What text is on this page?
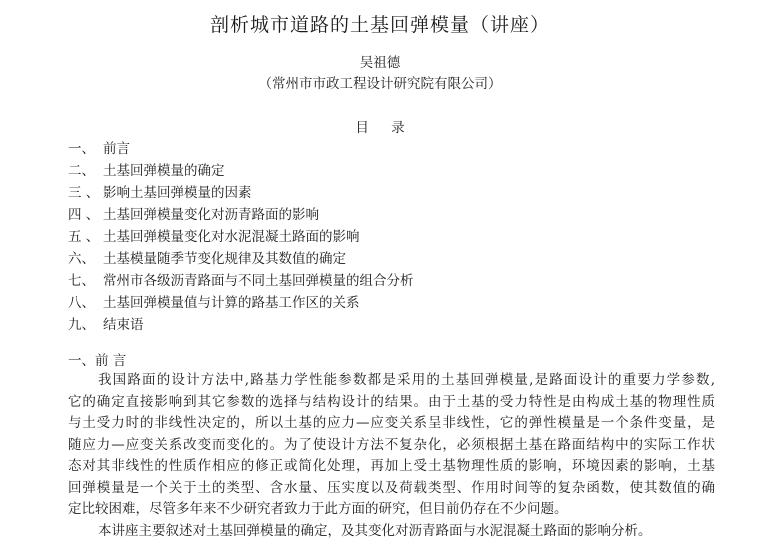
剖析城市道路的土基回弹模量（讲座）
吴祖德
（常州市市政工程设计研究院有限公司）
目 录
一、 前言
二、 土基回弹模量的确定
三 、 影响土基回弹模量的因素
四 、 土基回弹模量变化对沥青路面的影响
五 、 土基回弹模量变化对水泥混凝土路面的影响
六、 土基模量随季节变化规律及其数值的确定
七、 常州市各级沥青路面与不同土基回弹模量的组合分析
八、 土基回弹模量值与计算的路基工作区的关系
九、 结束语
一、前 言
我国路面的设计方法中,路基力学性能参数都是采用的土基回弹模量,是路面设计的重要力学参数,
它的确定直接影响到其它参数的选择与结构设计的结果。由于土基的受力特性是由构成土基的物理性质
与土受力时的非线性决定的，所以土基的应力—应变关系呈非线性，它的弹性模量是一个条件变量，是
随应力—应变关系改变而变化的。为了使设计方法不复杂化，必须根据土基在路面结构中的实际工作状
态对其非线性的性质作相应的修正或简化处理，再加上受土基物理性质的影响，环境因素的影响，土基
回弹模量是一个关于土的类型、含水量、压实度以及荷载类型、作用时间等的复杂函数，使其数值的确
定比较困难，尽管多年来不少研究者致力于此方面的研究，但目前仍存在不少问题。
本讲座主要叙述对土基回弹模量的确定，及其变化对沥青路面与水泥混凝土路面的影响分析。
